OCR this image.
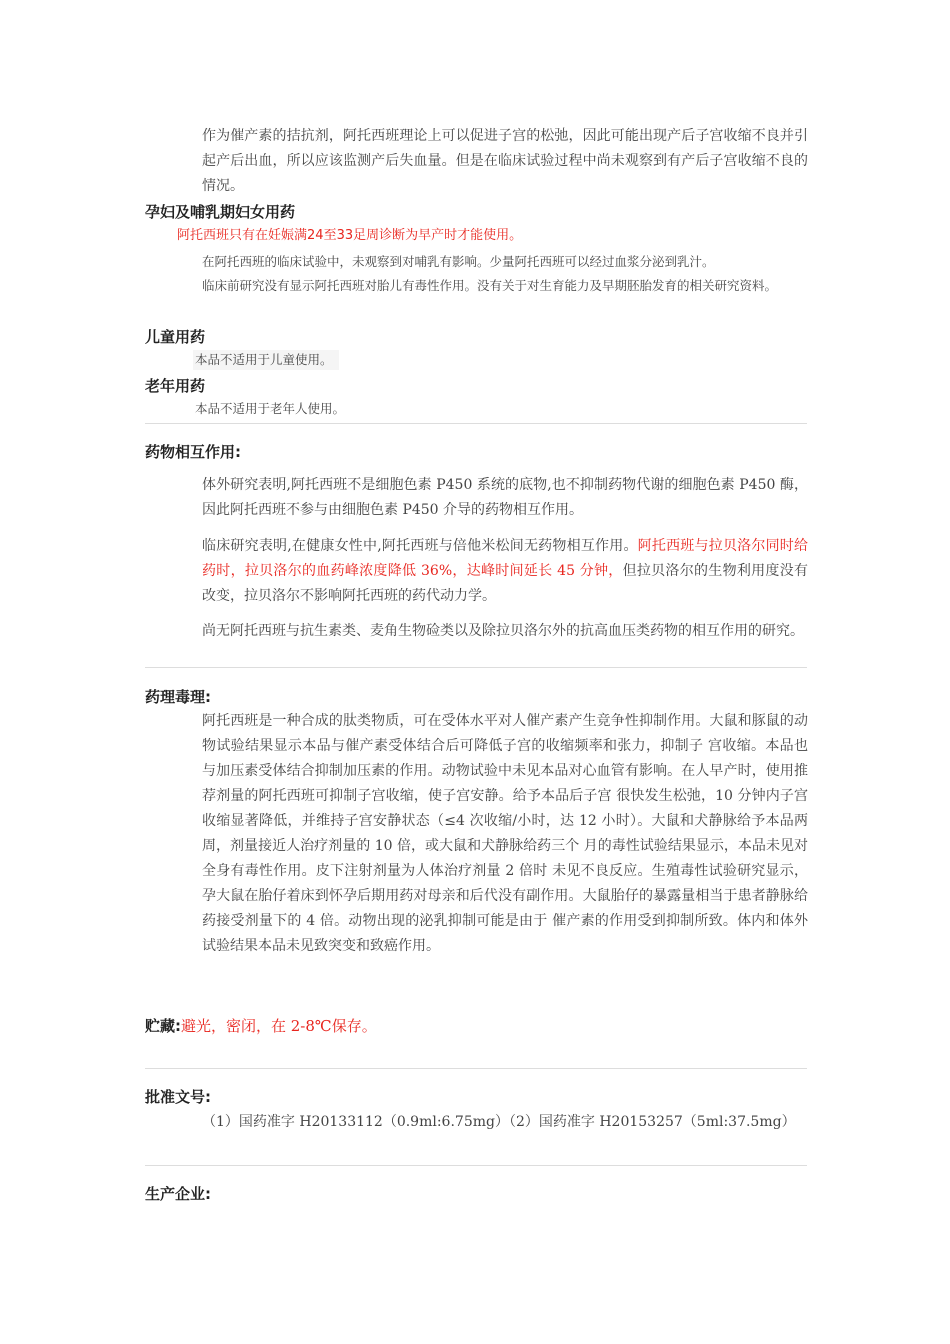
作为催产素的拮抗剂，阿托西班理论上可以促进子宫的松弛，因此可能出现产后子宫收缩不良并引起产后出血，所以应该监测产后失血量。但是在临床试验过程中尚未观察到有产后子宫收缩不良的情况。
孕妇及哺乳期妇女用药
阿托西班只有在妊娠满24至33足周诊断为早产时才能使用。
在阿托西班的临床试验中，未观察到对哺乳有影响。少量阿托西班可以经过血浆分泌到乳汁。
临床前研究没有显示阿托西班对胎儿有毒性作用。没有关于对生育能力及早期胚胎发育的相关研究资料。
儿童用药
本品不适用于儿童使用。
老年用药
本品不适用于老年人使用。
药物相互作用:
体外研究表明,阿托西班不是细胞色素 P450 系统的底物,也不抑制药物代谢的细胞色素 P450 酶，因此阿托西班不参与由细胞色素 P450 介导的药物相互作用。
临床研究表明,在健康女性中,阿托西班与倍他米松间无药物相互作用。阿托西班与拉贝洛尔同时给药时，拉贝洛尔的血药峰浓度降低 36%，达峰时间延长 45 分钟，但拉贝洛尔的生物利用度没有改变，拉贝洛尔不影响阿托西班的药代动力学。
尚无阿托西班与抗生素类、麦角生物硷类以及除拉贝洛尔外的抗高血压类药物的相互作用的研究。
药理毒理:
阿托西班是一种合成的肽类物质，可在受体水平对人催产素产生竞争性抑制作用。大鼠和豚鼠的动物试验结果显示本品与催产素受体结合后可降低子宫的收缩频率和张力，抑制子 宫收缩。本品也与加压素受体结合抑制加压素的作用。动物试验中未见本品对心血管有影响。在人早产时，使用推荐剂量的阿托西班可抑制子宫收缩，使子宫安静。给予本品后子宫 很快发生松弛，10 分钟内子宫收缩显著降低，并维持子宫安静状态（≤4 次收缩/小时，达 12 小时）。大鼠和犬静脉给予本品两周，剂量接近人治疗剂量的 10 倍，或大鼠和犬静脉给药三个 月的毒性试验结果显示，本品未见对全身有毒性作用。皮下注射剂量为人体治疗剂量 2 倍时 未见不良反应。生殖毒性试验研究显示，孕大鼠在胎仔着床到怀孕后期用药对母亲和后代没有副作用。大鼠胎仔的暴露量相当于患者静脉给药接受剂量下的 4 倍。动物出现的泌乳抑制可能是由于 催产素的作用受到抑制所致。体内和体外试验结果本品未见致突变和致癌作用。
贮藏:避光，密闭，在 2-8℃保存。
批准文号:
（1）国药准字 H20133112（0.9ml:6.75mg）（2）国药准字 H20153257（5ml:37.5mg）
生产企业:
